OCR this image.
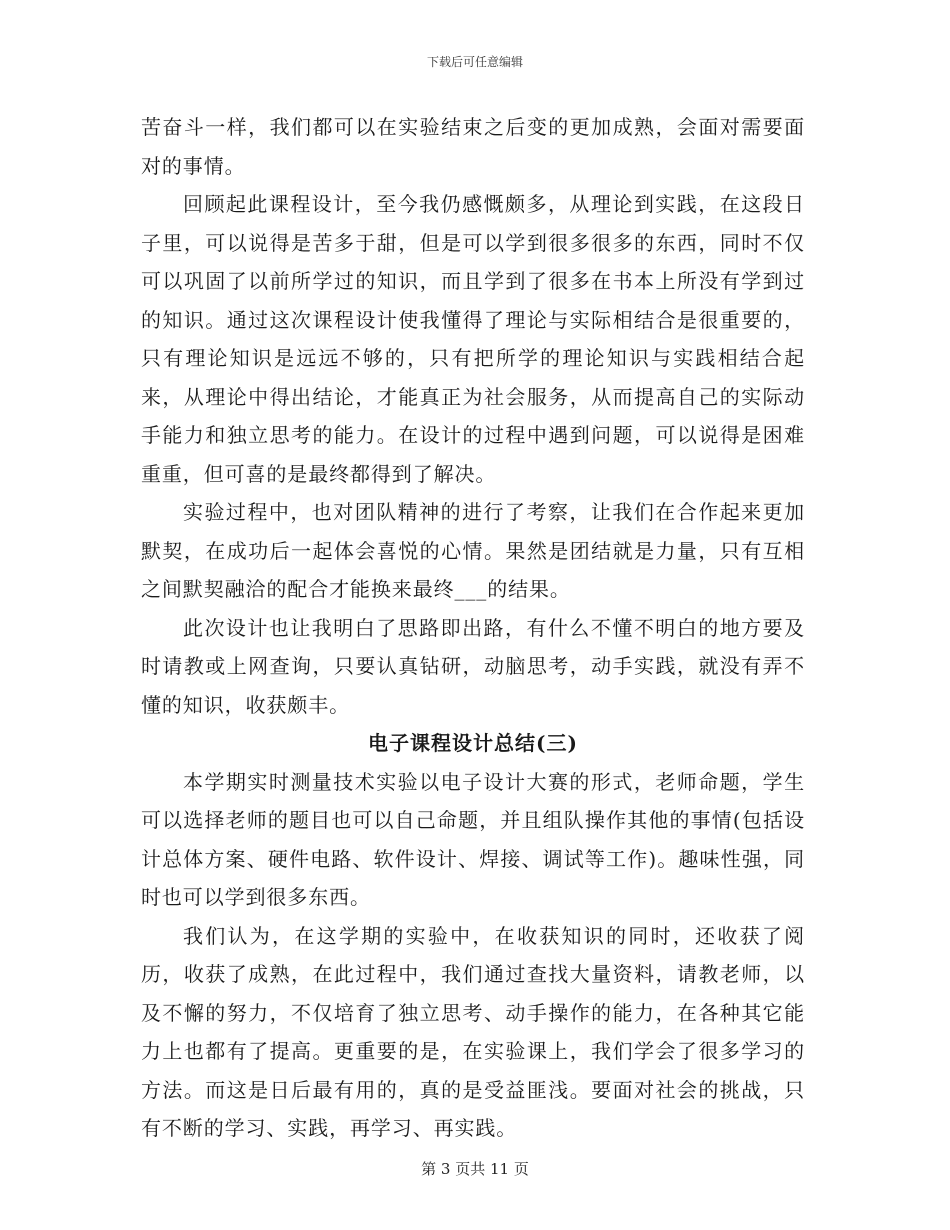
下载后可任意编辑

苦奋斗一样，我们都可以在实验结束之后变的更加成熟，会面对需要面对的事情。

回顾起此课程设计，至今我仍感慨颇多，从理论到实践，在这段日子里，可以说得是苦多于甜，但是可以学到很多很多的东西，同时不仅可以巩固了以前所学过的知识，而且学到了很多在书本上所没有学到过的知识。通过这次课程设计使我懂得了理论与实际相结合是很重要的，只有理论知识是远远不够的，只有把所学的理论知识与实践相结合起来，从理论中得出结论，才能真正为社会服务，从而提高自己的实际动手能力和独立思考的能力。在设计的过程中遇到问题，可以说得是困难重重，但可喜的是最终都得到了解决。

实验过程中，也对团队精神的进行了考察，让我们在合作起来更加默契，在成功后一起体会喜悦的心情。果然是团结就是力量，只有互相之间默契融洽的配合才能换来最终___的结果。

此次设计也让我明白了思路即出路，有什么不懂不明白的地方要及时请教或上网查询，只要认真钻研，动脑思考，动手实践，就没有弄不懂的知识，收获颇丰。

电子课程设计总结(三)

本学期实时测量技术实验以电子设计大赛的形式，老师命题，学生可以选择老师的题目也可以自己命题，并且组队操作其他的事情(包括设计总体方案、硬件电路、软件设计、焊接、调试等工作)。趣味性强，同时也可以学到很多东西。

我们认为，在这学期的实验中，在收获知识的同时，还收获了阅历，收获了成熟，在此过程中，我们通过查找大量资料，请教老师，以及不懈的努力，不仅培育了独立思考、动手操作的能力，在各种其它能力上也都有了提高。更重要的是，在实验课上，我们学会了很多学习的方法。而这是日后最有用的，真的是受益匪浅。要面对社会的挑战，只有不断的学习、实践，再学习、再实践。

第 3 页共 11 页
